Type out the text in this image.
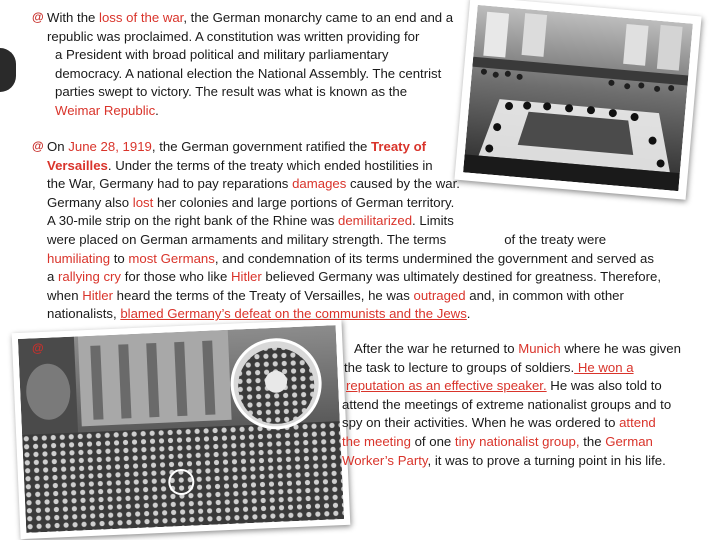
@ With the loss of the war, the German monarchy came to an end and a
republic was proclaimed. A constitution was written providing for
a President with broad political and military parliamentary
democracy. A national election the National Assembly. The centrist
parties swept to victory. The result was what is known as the
Weimar Republic.

@ On June 28, 1919, the German government ratified the Treaty of
Versailles. Under the terms of the treaty which ended hostilities in
the War, Germany had to pay reparations damages caused by the war.
Germany also lost her colonies and large portions of German territory.
A 30-mile strip on the right bank of the Rhine was demilitarized. Limits
were placed on German armaments and military strength. The terms	of the treaty were
humiliating to most Germans, and condemnation of its terms undermined the government and served as
a rallying cry for those who like Hitler believed Germany was ultimately destined for greatness. Therefore,
when Hitler heard the terms of the Treaty of Versailles, he was outraged and, in common with other
nationalists, blamed Germany’s defeat on the communists and the Jews.

@	After the war he returned to Munich where he was given
the task to lecture to groups of soldiers. He won a
reputation as an effective speaker. He was also told to
attend the meetings of extreme nationalist groups and to
spy on their activities. When he was ordered to attend
the meeting of one tiny nationalist group, the German
Worker’s Party, it was to prove a turning point in his life.
